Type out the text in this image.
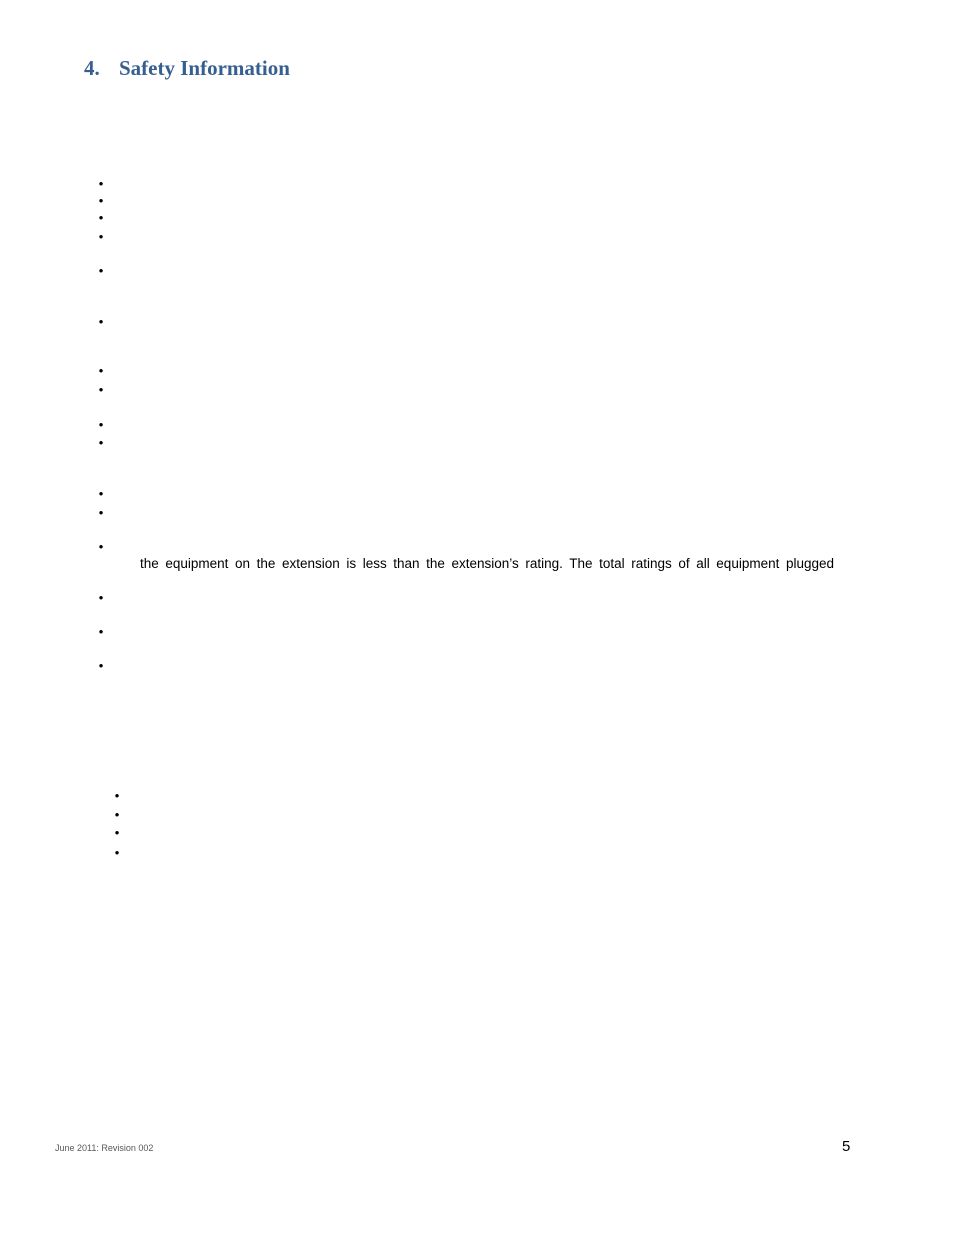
4. Safety Information
•
•
•
•
•
•
•
•
•
•
•
•
•
•
•
•
•
•
•
•
the equipment on the extension is less than the extension’s rating. The total ratings of all equipment plugged
June 2011: Revision 002	5
